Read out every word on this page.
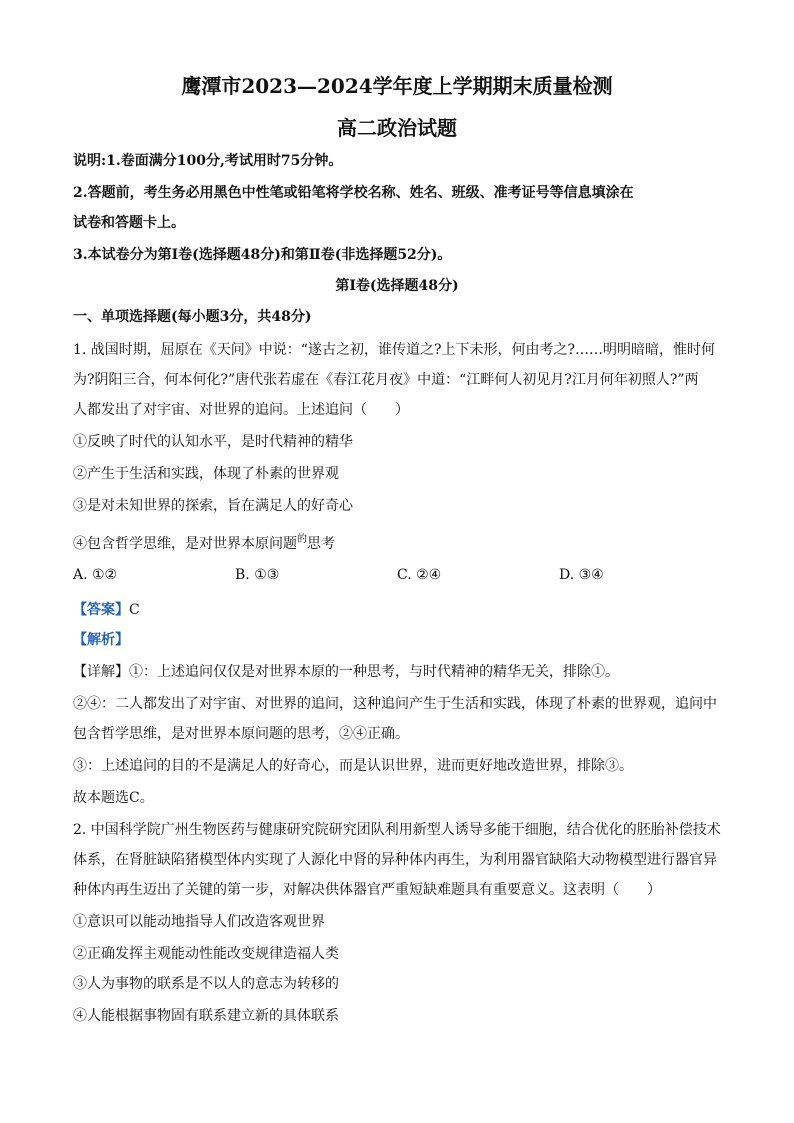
鹰潭市2023—2024学年度上学期期末质量检测
高二政治试题
说明:1.卷面满分100分,考试用时75分钟。
2.答题前，考生务必用黑色中性笔或铅笔将学校名称、姓名、班级、准考证号等信息填涂在
试卷和答题卡上。
3.本试卷分为第Ⅰ卷(选择题48分)和第Ⅱ卷(非选择题52分)。
第Ⅰ卷(选择题48分)
一、单项选择题(每小题3分，共48分)
1. 战国时期，屈原在《天问》中说：“遂古之初，谁传道之?上下未形，何由考之?……明明暗暗，惟时何
为?阴阳三合，何本何化?”唐代张若虚在《春江花月夜》中道：“江畔何人初见月?江月何年初照人?”两
人都发出了对宇宙、对世界的追问。上述追问（　　）
①反映了时代的认知水平，是时代精神的精华
②产生于生活和实践，体现了朴素的世界观
③是对未知世界的探索，旨在满足人的好奇心
④包含哲学思维，是对世界本原问题$^的$思考
A. ①②	B. ①③	C. ②④	D. ③④
【答案】C
【解析】
【详解】①：上述追问仅仅是对世界本原的一种思考，与时代精神的精华无关，排除①。
②④：二人都发出了对宇宙、对世界的追问，这种追问产生于生活和实践，体现了朴素的世界观，追问中
包含哲学思维，是对世界本原问题的思考，②④正确。
③：上述追问的目的不是满足人的好奇心，而是认识世界，进而更好地改造世界，排除③。
故本题选C。
2. 中国科学院广州生物医药与健康研究院研究团队利用新型人诱导多能干细胞，结合优化的胚胎补偿技术
体系，在肾脏缺陷猪模型体内实现了人源化中肾的异种体内再生，为利用器官缺陷大动物模型进行器官异
种体内再生迈出了关键的第一步，对解决供体器官严重短缺难题具有重要意义。这表明（　　）
①意识可以能动地指导人们改造客观世界
②正确发挥主观能动性能改变规律造福人类
③人为事物的联系是不以人的意志为转移的
④人能根据事物固有联系建立新的具体联系
